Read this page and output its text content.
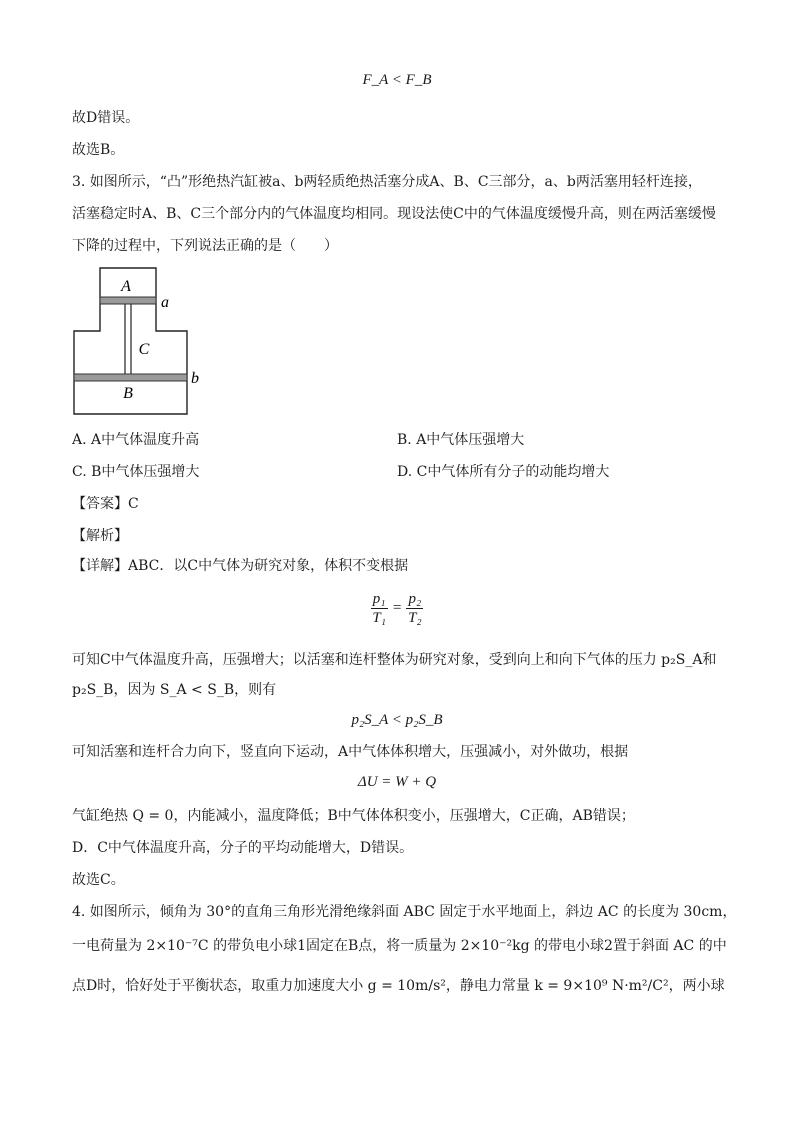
F_A < F_B
故D错误。
故选B。
3. 如图所示，“凸”形绝热汽缸被a、b两轻质绝热活塞分成A、B、C三部分，a、b两活塞用轻杆连接，
活塞稳定时A、B、C三个部分内的气体温度均相同。现设法使C中的气体温度缓慢升高，则在两活塞缓慢
下降的过程中，下列说法正确的是（　　）
A
a
C
B
b
A. A中气体温度升高	B. A中气体压强增大
C. B中气体压强增大	D. C中气体所有分子的动能均增大
【答案】C
【解析】
【详解】ABC．以C中气体为研究对象，体积不变根据
$\frac{\text{p₁}}{\text{T₁}} = \frac{\text{p₂}}{\text{T₂}}$
可知C中气体温度升高，压强增大；以活塞和连杆整体为研究对象，受到向上和向下气体的压力 p₂S_A和
p₂S_B，因为 S_A < S_B，则有
p₂S_A < p₂S_B
可知活塞和连杆合力向下，竖直向下运动，A中气体体积增大，压强减小，对外做功，根据
ΔU = W + Q
气缸绝热 Q = 0，内能减小，温度降低；B中气体体积变小，压强增大，C正确，AB错误；
D．C中气体温度升高，分子的平均动能增大，D错误。
故选C。
4. 如图所示，倾角为 30°的直角三角形光滑绝缘斜面 ABC 固定于水平地面上，斜边 AC 的长度为 30cm，
一电荷量为 2×10⁻⁷C 的带负电小球1固定在B点，将一质量为 2×10⁻²kg 的带电小球2置于斜面 AC 的中
点D时，恰好处于平衡状态，取重力加速度大小 g = 10m/s²，静电力常量 k = 9×10⁹ N·m²/C²，两小球
